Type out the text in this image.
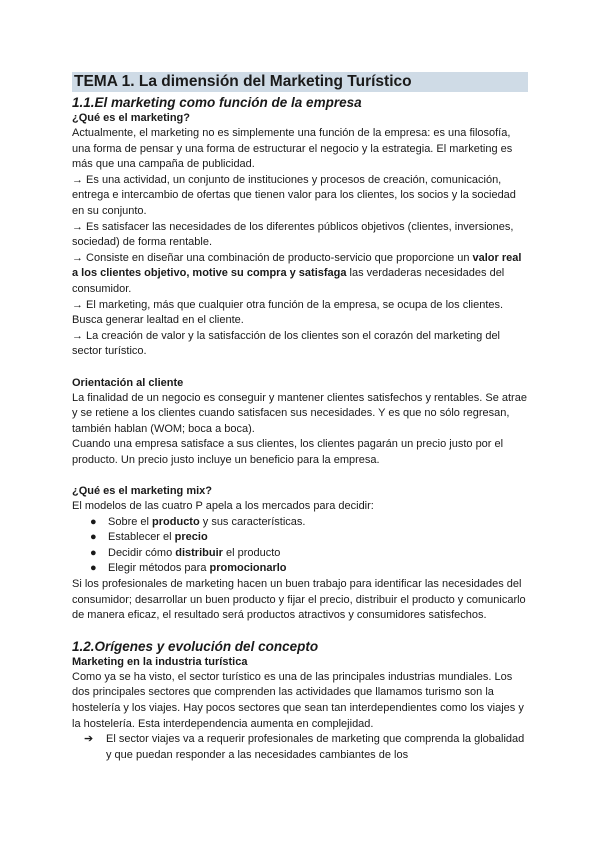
TEMA 1. La dimensión del Marketing Turístico
1.1.El marketing como función de la empresa
¿Qué es el marketing?

Actualmente, el marketing no es simplemente una función de la empresa: es una filosofía, una forma de pensar y una forma de estructurar el negocio y la estrategia. El marketing es más que una campaña de publicidad.

→ Es una actividad, un conjunto de instituciones y procesos de creación, comunicación, entrega e intercambio de ofertas que tienen valor para los clientes, los socios y la sociedad en su conjunto.

→ Es satisfacer las necesidades de los diferentes públicos objetivos (clientes, inversiones, sociedad) de forma rentable.

→ Consiste en diseñar una combinación de producto-servicio que proporcione un valor real a los clientes objetivo, motive su compra y satisfaga las verdaderas necesidades del consumidor.

→ El marketing, más que cualquier otra función de la empresa, se ocupa de los clientes. Busca generar lealtad en el cliente.

→ La creación de valor y la satisfacción de los clientes son el corazón del marketing del sector turístico.

Orientación al cliente

La finalidad de un negocio es conseguir y mantener clientes satisfechos y rentables. Se atrae y se retiene a los clientes cuando satisfacen sus necesidades. Y es que no sólo regresan, también hablan (WOM; boca a boca).

Cuando una empresa satisface a sus clientes, los clientes pagarán un precio justo por el producto. Un precio justo incluye un beneficio para la empresa.

¿Qué es el marketing mix?

El modelos de las cuatro P apela a los mercados para decidir:

● Sobre el producto y sus características.
● Establecer el precio
● Decidir cómo distribuir el producto
● Elegir métodos para promocionarlo

Si los profesionales de marketing hacen un buen trabajo para identificar las necesidades del consumidor; desarrollar un buen producto y fijar el precio, distribuir el producto y comunicarlo de manera eficaz, el resultado será productos atractivos y consumidores satisfechos.

1.2.Orígenes y evolución del concepto
Marketing en la industria turística

Como ya se ha visto, el sector turístico es una de las principales industrias mundiales. Los dos principales sectores que comprenden las actividades que llamamos turismo son la hostelería y los viajes. Hay pocos sectores que sean tan interdependientes como los viajes y la hostelería. Esta interdependencia aumenta en complejidad.

➔ El sector viajes va a requerir profesionales de marketing que comprenda la globalidad y que puedan responder a las necesidades cambiantes de los
